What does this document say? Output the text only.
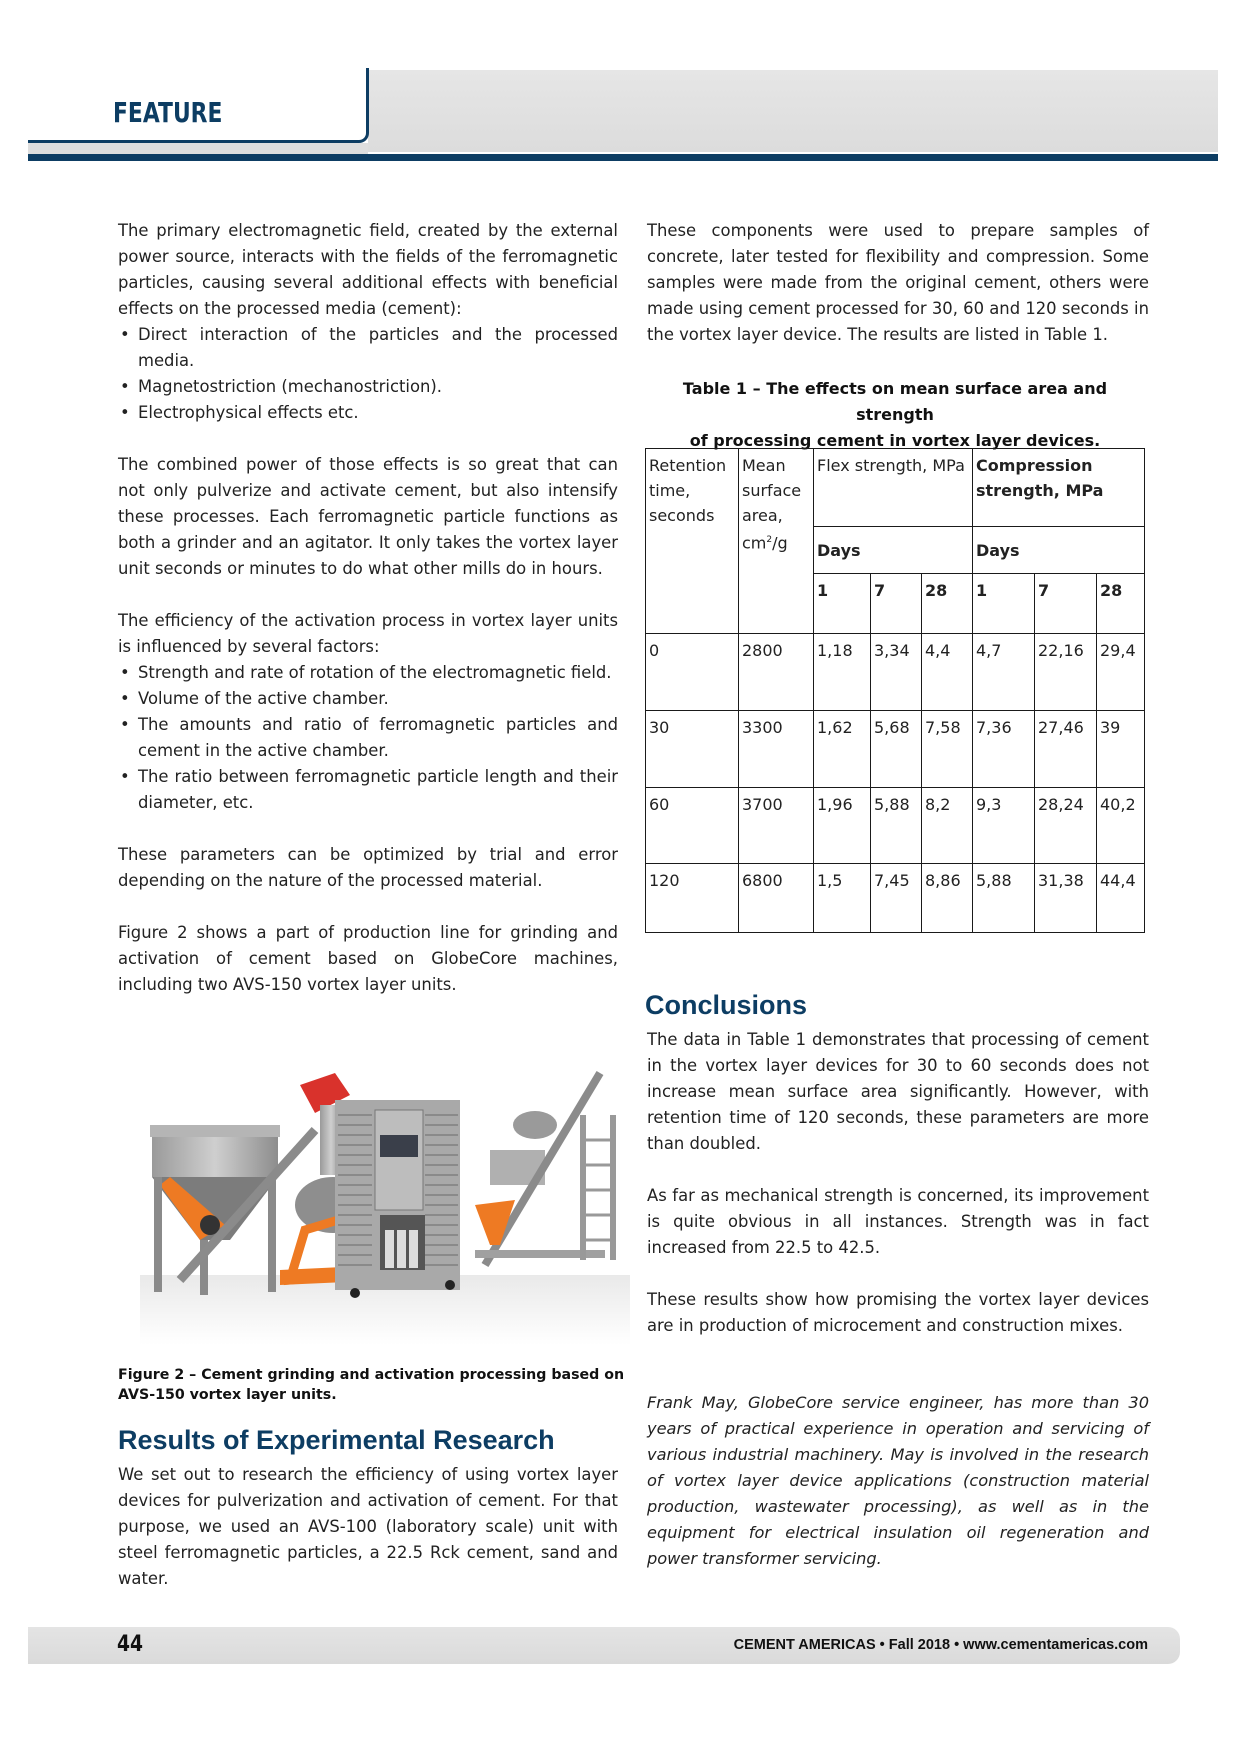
FEATURE

The primary electromagnetic field, created by the external power source, interacts with the fields of the ferromagnetic particles, causing several additional effects with beneficial effects on the processed media (cement):

• Direct interaction of the particles and the processed media.
• Magnetostriction (mechanostriction).
• Electrophysical effects etc.

The combined power of those effects is so great that can not only pulverize and activate cement, but also intensify these processes. Each ferromagnetic particle functions as both a grinder and an agitator. It only takes the vortex layer unit seconds or minutes to do what other mills do in hours.

The efficiency of the activation process in vortex layer units is influenced by several factors:

• Strength and rate of rotation of the electromagnetic field.
• Volume of the active chamber.
• The amounts and ratio of ferromagnetic particles and cement in the active chamber.
• The ratio between ferromagnetic particle length and their diameter, etc.

These parameters can be optimized by trial and error depending on the nature of the processed material.

Figure 2 shows a part of production line for grinding and activation of cement based on GlobeCore machines, including two AVS-150 vortex layer units.

Figure 2 – Cement grinding and activation processing based on AVS-150 vortex layer units.
Results of Experimental Research

We set out to research the efficiency of using vortex layer devices for pulverization and activation of cement. For that purpose, we used an AVS-100 (laboratory scale) unit with steel ferromagnetic particles, a 22.5 Rck cement, sand and water.

These components were used to prepare samples of concrete, later tested for flexibility and compression. Some samples were made from the original cement, others were made using cement processed for 30, 60 and 120 seconds in the vortex layer device. The results are listed in Table 1.

Table 1 – The effects on mean surface area and strength
of processing cement in vortex layer devices.
Retention time, seconds	Mean surface area, $cm^2/g$	Flex strength, MPa			Compression strength, MPa		
		Days			Days		
		1	7	28	1	7	28
0	2800	1,18	3,34	4,4	4,7	22,16	29,4
30	3300	1,62	5,68	7,58	7,36	27,46	39
60	3700	1,96	5,88	8,2	9,3	28,24	40,2
120	6800	1,5	7,45	8,86	5,88	31,38	44,4
Conclusions

The data in Table 1 demonstrates that processing of cement in the vortex layer devices for 30 to 60 seconds does not increase mean surface area significantly. However, with retention time of 120 seconds, these parameters are more than doubled.

As far as mechanical strength is concerned, its improvement is quite obvious in all instances. Strength was in fact increased from 22.5 to 42.5.

These results show how promising the vortex layer devices are in production of microcement and construction mixes.

Frank May, GlobeCore service engineer, has more than 30 years of practical experience in operation and servicing of various industrial machinery. May is involved in the research of vortex layer device applications (construction material production, wastewater processing), as well as in the equipment for electrical insulation oil regeneration and power transformer servicing.
44	CEMENT AMERICAS • Fall 2018 • www.cementamericas.com
